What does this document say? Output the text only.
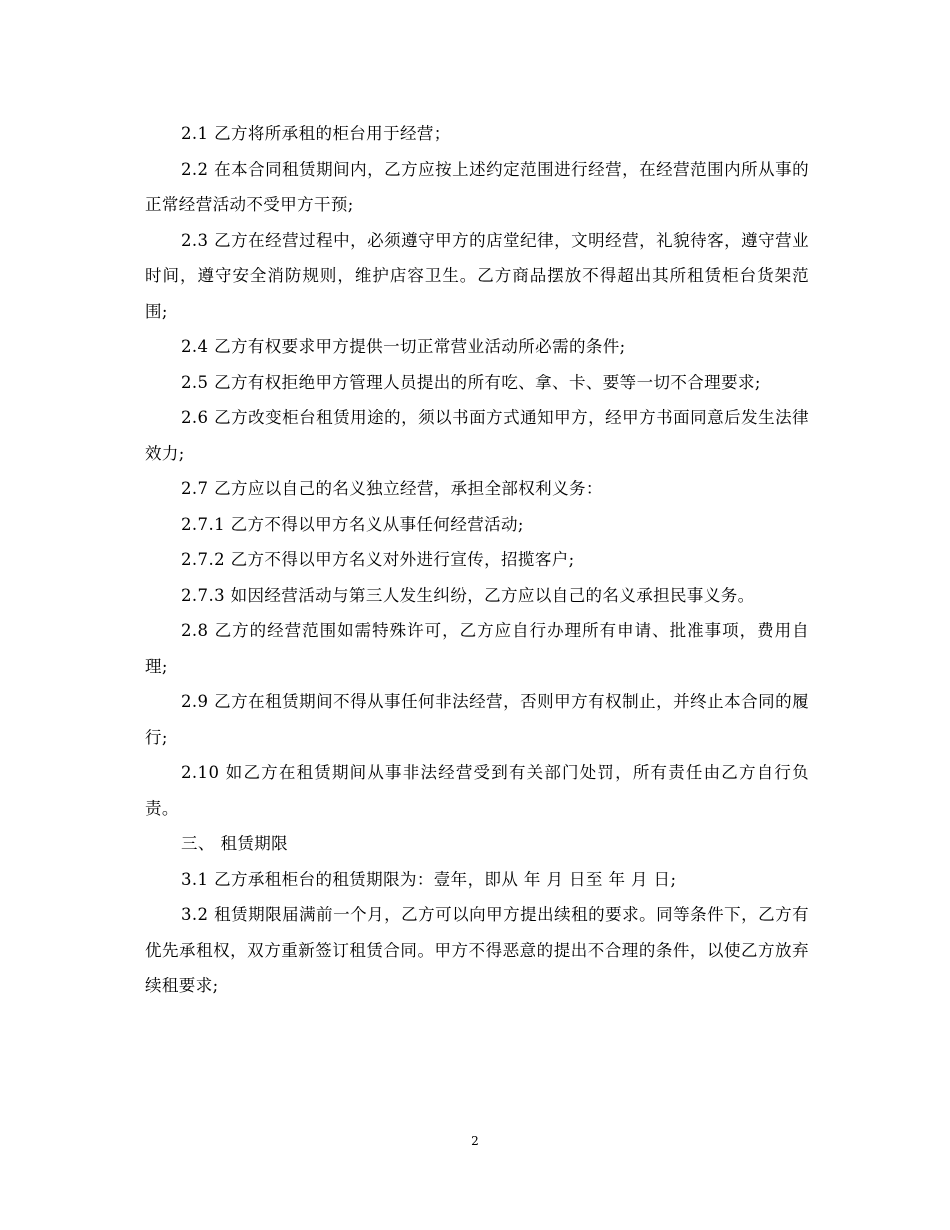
2.1 乙方将所承租的柜台用于经营；

2.2 在本合同租赁期间内，乙方应按上述约定范围进行经营，在经营范围内所从事的正常经营活动不受甲方干预;

2.3 乙方在经营过程中，必须遵守甲方的店堂纪律，文明经营，礼貌待客，遵守营业时间，遵守安全消防规则，维护店容卫生。乙方商品摆放不得超出其所租赁柜台货架范围;

2.4 乙方有权要求甲方提供一切正常营业活动所必需的条件;

2.5 乙方有权拒绝甲方管理人员提出的所有吃、拿、卡、要等一切不合理要求;

2.6 乙方改变柜台租赁用途的，须以书面方式通知甲方，经甲方书面同意后发生法律效力;

2.7 乙方应以自己的名义独立经营，承担全部权利义务：

2.7.1 乙方不得以甲方名义从事任何经营活动;

2.7.2 乙方不得以甲方名义对外进行宣传，招揽客户;

2.7.3 如因经营活动与第三人发生纠纷，乙方应以自己的名义承担民事义务。

2.8 乙方的经营范围如需特殊许可，乙方应自行办理所有申请、批准事项，费用自理;

2.9 乙方在租赁期间不得从事任何非法经营，否则甲方有权制止，并终止本合同的履行;

2.10 如乙方在租赁期间从事非法经营受到有关部门处罚，所有责任由乙方自行负责。

三、 租赁期限

3.1 乙方承租柜台的租赁期限为：壹年，即从 年 月 日至 年 月 日;

3.2 租赁期限届满前一个月，乙方可以向甲方提出续租的要求。同等条件下，乙方有优先承租权，双方重新签订租赁合同。甲方不得恶意的提出不合理的条件，以使乙方放弃续租要求;

2
